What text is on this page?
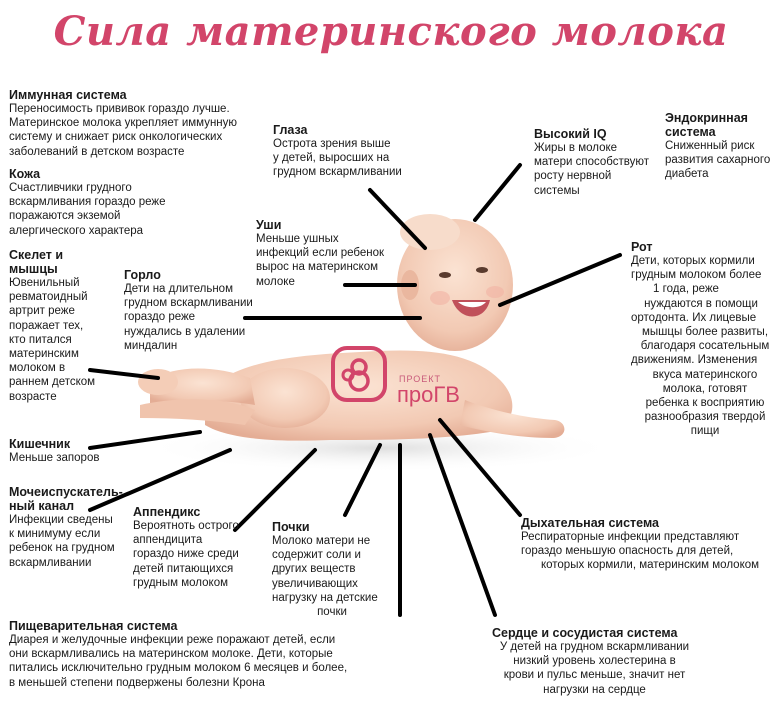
Сила материнского молока
ПРОЕКТ
проГВ
Иммунная система

Переносимость прививок гораздо лучше.

Материнское молока укрепляет иммунную

систему и снижает риск онкологических

заболеваний в детском возрасте

Кожа

Счастливчики грудного

вскармливания гораздо реже

поражаются экземой

алергического характера

Скелет и
мышцы

Ювенильный

ревматоидный

артрит реже

поражает тех,

кто питался

материнским

молоком в

раннем детском

возрасте

Горло

Дети на длительном

грудном вскармливании

гораздо реже

нуждались в удалении

миндалин

Глаза

Острота зрения выше

у детей, выросших на

грудном вскармливании

Уши

Меньше ушных

инфекций если ребенок

вырос на материнском

молоке

Высокий IQ

Жиры в молоке

матери способствуют

росту нервной

системы

Эндокринная
система

Сниженный риск

развития сахарного

диабета

Рот

Дети, которых кормили

грудным молоком более

1 года, реже

нуждаются в помощи

ортодонта. Их лицевые

мышцы более развиты,

благодаря сосательным

движениям. Изменения

вкуса материнского

молока, готовят

ребенка к восприятию

разнообразия твердой

пищи

Кишечник

Меньше запоров

Мочеиспускатель-
ный канал

Инфекции сведены

к минимуму если

ребенок на грудном

вскармливании

Аппендикс

Вероятноть острого

аппендицита

гораздо ниже среди

детей питающихся

грудным молоком

Почки

Молоко матери не

содержит соли и

других веществ

увеличивающих

нагрузку на детские

почки

Дыхательная система

Респираторные инфекции представляют

гораздо меньшую опасность для детей,

которых кормили, материнским молоком

Пищеварительная система

Диарея и желудочные инфекции реже поражают детей, если

они вскармливались на материнском молоке. Дети, которые

питались исключительно грудным молоком 6 месяцев и более,

в меньшей степени подвержены болезни Крона

Сердце и сосудистая система

У детей на грудном вскармливании

низкий уровень холестерина в

крови и пульс меньше, значит нет

нагрузки на сердце
